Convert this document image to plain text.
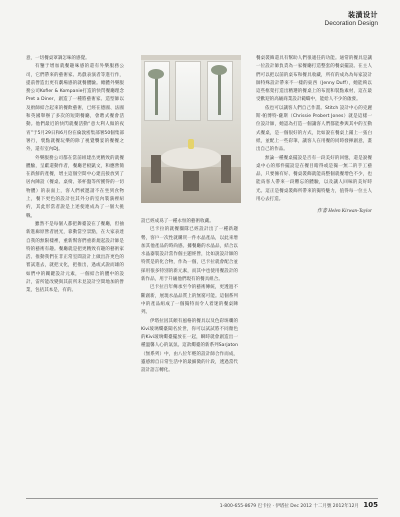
装潢设计
Decoration Design

意，一切餐桌罩調怎味的感覺。

有鑒于增加就餐趣味感的還有外樂服務公司，它們帶來的藝術家、馬戲表演者等進行作，提前營造出更有劇場感的就餐體驗。總體外樂服務公司Kofler & Kompanie打造的快閃餐廳理念Pret a Diner，創造了一種將藝術家、造型師以及廚師結合起來的餐飲藝術，已經在德國、法國和英國舉辦了多次的短期餐廳，會聘式餐會活動。他們最近的快閃就餐活動“意大利人做的夜宵”于5月29日和6月份在倫敦密集部署50個集部署行，褒點就餐玩樂的除了視覺饗宴的餐餐之外，還有室內DJ。

外樂服務公司都在當前組建出更精致的就餐體驗，呈獻還動作者，餐廳老板凱文，和應營簡在新鮮的產餐，增主這個空間中心建直接放到了居內陳設（餐桌、桌椅、茶杯盤等所獲得的一切物體）的表面上，客人們被邀請不在坐到食物上，餐下更色的設計往其外分的室內裝潢裡紐約，其此形當者說是上述使連成為了一個大挑戰。

雖然不是每個人都把舞臺設在了餐廳，但抽新進廊原營者展光，靠動當空景點，在大家表達自我的無限樣裡，重新幫客們重新規起設計師是特的藝術有趣。餐廳就是把更精致有趣的藝術家活、推動我們在非正常室間設計上做出許更色的嘗試進去，就把文化，把推出，過或式說而雄的如們中的關鍵設計元素，一個結合的體中的設計，雷所能改變與其前所未見設計空間地加的營業，包括其本是，有的。

設已經成爲了一種永恒的藝術收藏。

巴卡拉的就餐團隊已經設計出了一種新趨勢，客戶一次性就購買一件水晶產品，以此來增加其他產品的時尚感。據餐廳的水晶品，結合以水晶器裝設計當作個主題經營，比如說設計師的特質是的化合物，作為一個，巴卡拉就會配合並採用很多特別的新元素，而其中也使用餐設計的新作品，用于升級他們現有的餐具組合。

巴卡拉百年傳承至今的藝術傳統，更透過不斷創新，展現水晶品質上的無窮可能。這個系列中的產品組成了一個獨特而令人着迷的餐桌陳列。

伊塔拉因其頗有風格的餐具以及色彩斑斕的Kivi玻璃燭臺聞名於世，你可以試試將不同顏色的Kivi玻璃燭臺擺放在一起，瞬時就會創造出一種溫馨人心的氣氛。這款燭臺的新系列Sarjaton（無系列）中，由八位年輕的設計師合作而成，靈感源自日常生活中的最細微的片段，透過當代設計語言轉化。

餐桌裝飾還具有幫助人們很適任的功能。通常的餐具是讓一位設計師負責為一家餐廳打造整套的餐桌擺設。在主人們可以把以前的桌布和餐具收藏，所有的成為為每家設計師特殊設計帶來不一樣的東西（Jenny Duff），她能夠以這些框架打造出精選的餐桌上的布置和裝點素材，這在最受歡迎的高級商業設計範疇中，能給人不少的啟發。

依也可以讓客人們自己作畫。Stitch 設計中心的克麗斯·帕博特-薩斯（Chrissie Probert Jones）就是這樣一位設計師，她認為打造一個讓客人們都能參與其中的互動式餐桌，是一個很好的方式，比如說在餐桌上鋪上一張白紙，並配上一些彩筆，讓客人在用餐的同時發揮創意，畫出自己的作品。

無論一種餐桌擺設是否有一段美好的回憶，還是說餐桌中心的那件擺設是在餐目睹得或是獨一無二的手工藝品，只要擁有好、餐桌裝飾就能爲整個就餐增色不少，也能爲客人帶來一段難忘的體驗，以及讓人回味的美好時光。這正是餐桌裝飾所帶來的獨特魅力，值得每一位主人用心去打造。

作者 Helen Kirwan-Taylor
1-800-655-8679 巴卡拉 · 伊塔拉 Dec 2012 十二月號 2012年12月 105
